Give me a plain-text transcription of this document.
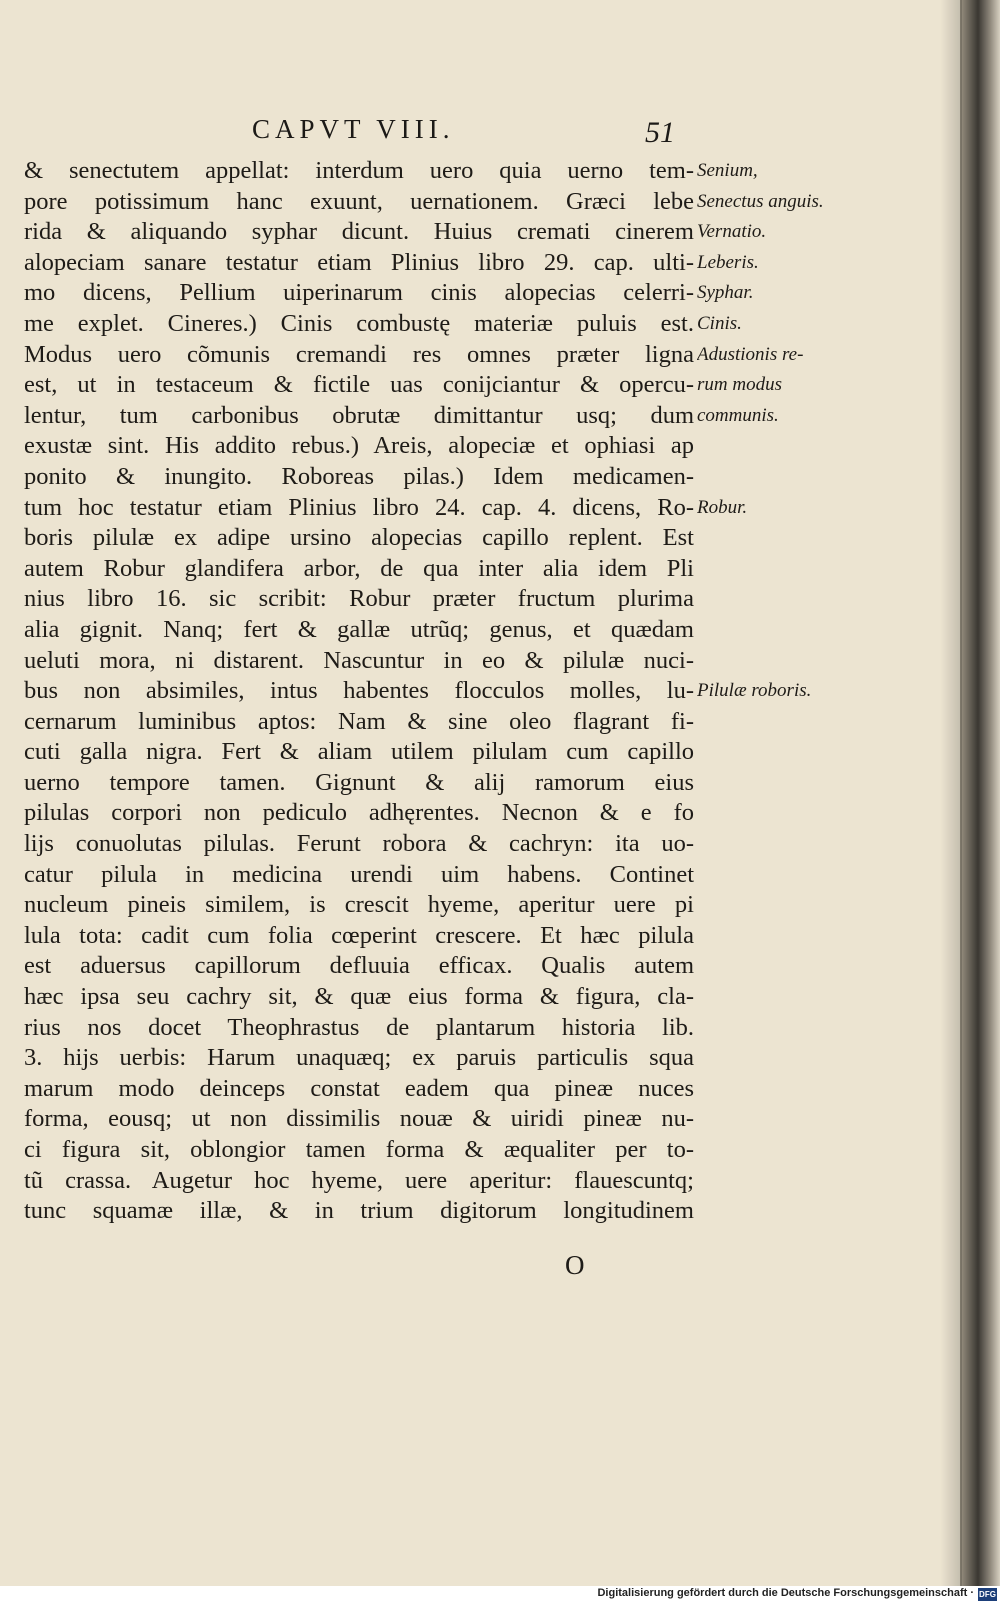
CAPVT VIII.	51
& senectutem appellat: interdum uero quia uerno tem-
pore potissimum hanc exuunt, uernationem. Græci lebe
rida & aliquando syphar dicunt. Huius cremati cinerem
alopeciam sanare testatur etiam Plinius libro 29. cap. ulti-
mo dicens, Pellium uiperinarum cinis alopecias celerri-
me explet. Cineres.) Cinis combustę materiæ puluis est.
Modus uero cõmunis cremandi res omnes præter ligna
est, ut in testaceum & fictile uas conijciantur & opercu-
lentur, tum carbonibus obrutæ dimittantur usq; dum
exustæ sint. His addito rebus.) Areis, alopeciæ et ophiasi ap
ponito & inungito. Roboreas pilas.) Idem medicamen-
tum hoc testatur etiam Plinius libro 24. cap. 4. dicens, Ro-
boris pilulæ ex adipe ursino alopecias capillo replent. Est
autem Robur glandifera arbor, de qua inter alia idem Pli
nius libro 16. sic scribit: Robur præter fructum plurima
alia gignit. Nanq; fert & gallæ utrũq; genus, et quædam
ueluti mora, ni distarent. Nascuntur in eo & pilulæ nuci-
bus non absimiles, intus habentes flocculos molles, lu-
cernarum luminibus aptos: Nam & sine oleo flagrant fi-
cuti galla nigra. Fert & aliam utilem pilulam cum capillo
uerno tempore tamen. Gignunt & alij ramorum eius
pilulas corpori non pediculo adhęrentes. Necnon & e fo
lijs conuolutas pilulas. Ferunt robora & cachryn: ita uo-
catur pilula in medicina urendi uim habens. Continet
nucleum pineis similem, is crescit hyeme, aperitur uere pi
lula tota: cadit cum folia cœperint crescere. Et hæc pilula
est aduersus capillorum defluuia efficax. Qualis autem
hæc ipsa seu cachry sit, & quæ eius forma & figura, cla-
rius nos docet Theophrastus de plantarum historia lib.
3. hijs uerbis: Harum unaquæq; ex paruis particulis squa
marum modo deinceps constat eadem qua pineæ nuces
forma, eousq; ut non dissimilis nouæ & uiridi pineæ nu-
ci figura sit, oblongior tamen forma & æqualiter per to-
tũ crassa. Augetur hoc hyeme, uere aperitur: flauescuntq;
tunc squamæ illæ, & in trium digitorum longitudinem
Senium,
Senectus anguis.
Vernatio.
Leberis.
Syphar.
Cinis.
Adustionis re-
rum modus
communis.
Robur.
Pilulæ roboris.
O
Digitalisierung gefördert durch die Deutsche Forschungsgemeinschaft · DFG
